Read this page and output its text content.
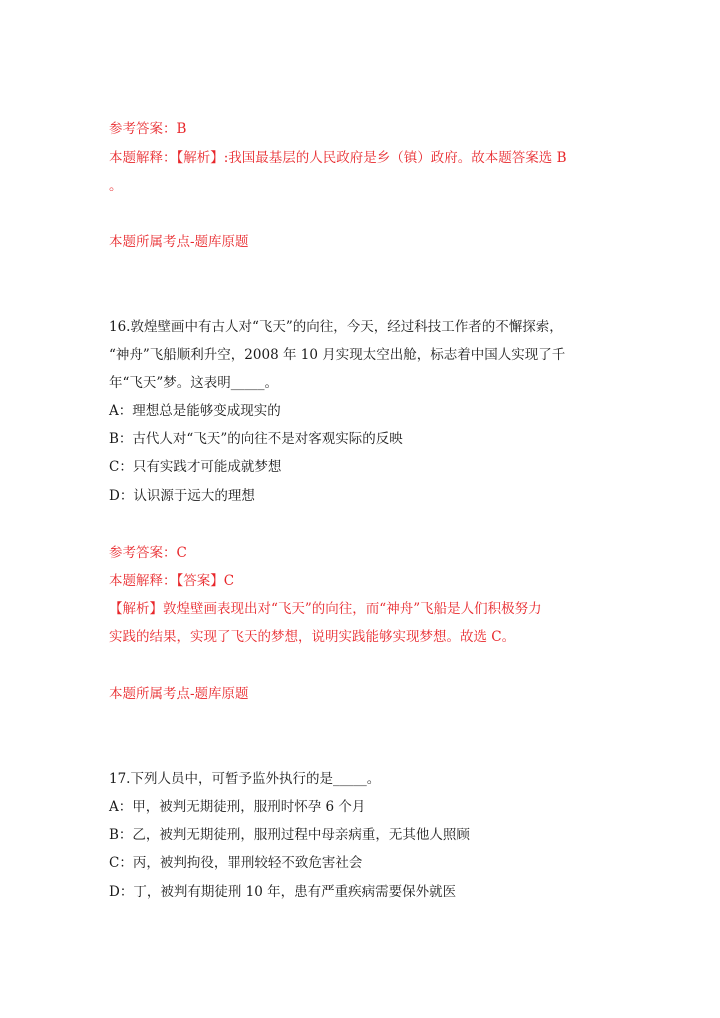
参考答案：B
本题解释：【解析】:我国最基层的人民政府是乡（镇）政府。故本题答案选 B
。
本题所属考点-题库原题
16.敦煌壁画中有古人对“飞天”的向往，今天，经过科技工作者的不懈探索，
“神舟”飞船顺利升空，2008 年 10 月实现太空出舱，标志着中国人实现了千
年“飞天”梦。这表明_____。
A：理想总是能够变成现实的
B：古代人对“飞天”的向往不是对客观实际的反映
C：只有实践才可能成就梦想
D：认识源于远大的理想
参考答案：C
本题解释：【答案】C
【解析】敦煌壁画表现出对“飞天”的向往，而“神舟”飞船是人们积极努力
实践的结果，实现了飞天的梦想，说明实践能够实现梦想。故选 C。
本题所属考点-题库原题
17.下列人员中，可暂予监外执行的是_____。
A：甲，被判无期徒刑，服刑时怀孕 6 个月
B：乙，被判无期徒刑，服刑过程中母亲病重，无其他人照顾
C：丙，被判拘役，罪刑较轻不致危害社会
D：丁，被判有期徒刑 10 年，患有严重疾病需要保外就医
